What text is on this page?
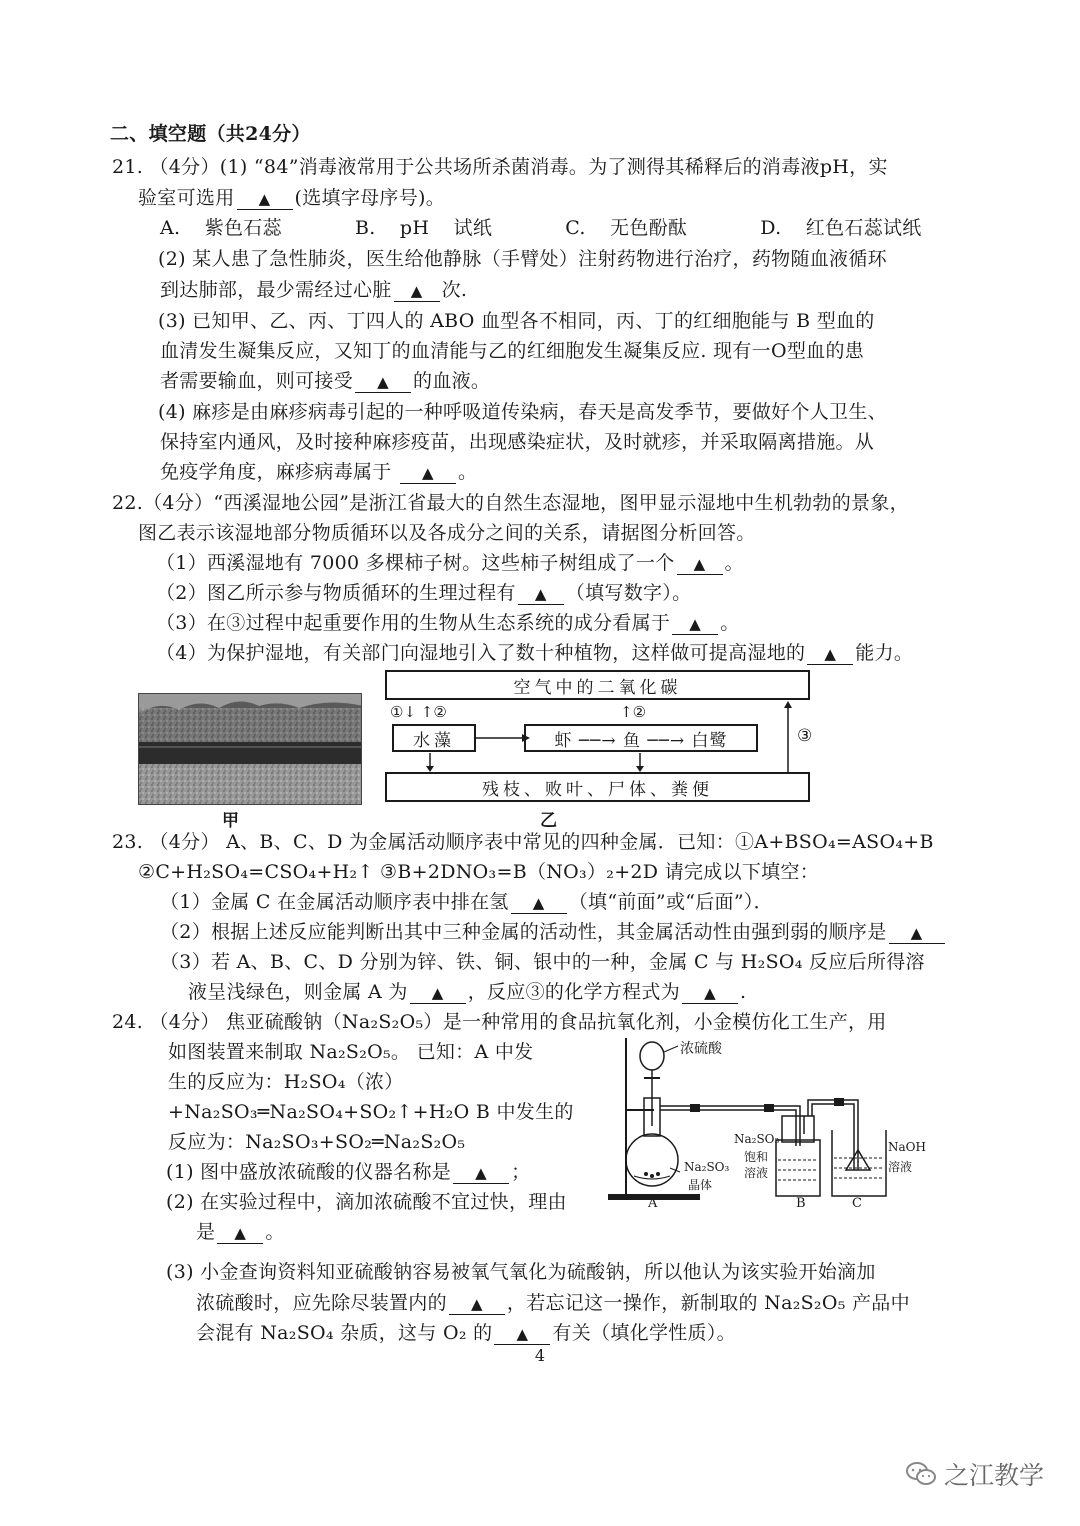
二、填空题（共24分）
21. （4分）(1) “84”消毒液常用于公共场所杀菌消毒。为了测得其稀释后的消毒液pH，实
验室可选用 ▲ (选填字母序号)。
A. 紫色石蕊	B. pH 试纸	C. 无色酚酞	D. 红色石蕊试纸
(2) 某人患了急性肺炎，医生给他静脉（手臂处）注射药物进行治疗，药物随血液循环
到达肺部，最少需经过心脏 ▲ 次.
(3) 已知甲、乙、丙、丁四人的 ABO 血型各不相同，丙、丁的红细胞能与 B 型血的
血清发生凝集反应，又知丁的血清能与乙的红细胞发生凝集反应. 现有一O型血的患
者需要输血，则可接受 ▲ 的血液。
(4) 麻疹是由麻疹病毒引起的一种呼吸道传染病，春天是高发季节，要做好个人卫生、
保持室内通风，及时接种麻疹疫苗，出现感染症状，及时就疹，并采取隔离措施。从
免疫学角度，麻疹病毒属于 ▲ 。
22.（4分）“西溪湿地公园”是浙江省最大的自然生态湿地，图甲显示湿地中生机勃勃的景象，
图乙表示该湿地部分物质循环以及各成分之间的关系，请据图分析回答。
（1）西溪湿地有 7000 多棵柿子树。这些柿子树组成了一个 ▲ 。
（2）图乙所示参与物质循环的生理过程有 ▲ （填写数字）。
（3）在③过程中起重要作用的生物从生态系统的成分看属于 ▲ 。
（4）为保护湿地，有关部门向湿地引入了数十种植物，这样做可提高湿地的 ▲ 能力。
甲
空气中的二氧化碳
①↓ ↑②	↑②
水藻	虾 ──→ 鱼 ──→ 白鹭
残枝、败叶、尸体、粪便
③
乙
23. （4分） A、B、C、D 为金属活动顺序表中常见的四种金属．已知：①A+BSO₄=ASO₄+B
②C+H₂SO₄=CSO₄+H₂↑ ③B+2DNO₃=B（NO₃）₂+2D 请完成以下填空：
（1）金属 C 在金属活动顺序表中排在氢 ▲ （填“前面”或“后面”）．
（2）根据上述反应能判断出其中三种金属的活动性，其金属活动性由强到弱的顺序是 ▲
（3）若 A、B、C、D 分别为锌、铁、铜、银中的一种，金属 C 与 H₂SO₄ 反应后所得溶
液呈浅绿色，则金属 A 为 ▲ ，反应③的化学方程式为 ▲ .
24. （4分） 焦亚硫酸钠（Na₂S₂O₅）是一种常用的食品抗氧化剂，小金模仿化工生产，用
如图装置来制取 Na₂S₂O₅。 已知：A 中发
生的反应为：H₂SO₄（浓）
+Na₂SO₃═Na₂SO₄+SO₂↑+H₂O B 中发生的
反应为：Na₂SO₃+SO₂═Na₂S₂O₅
(1) 图中盛放浓硫酸的仪器名称是 ▲ ；
(2) 在实验过程中，滴加浓硫酸不宜过快，理由
是 ▲ 。
(3) 小金查询资料知亚硫酸钠容易被氧气氧化为硫酸钠，所以他认为该实验开始滴加
浓硫酸时，应先除尽装置内的 ▲ ，若忘记这一操作，新制取的 Na₂S₂O₅ 产品中
会混有 Na₂SO₄ 杂质，这与 O₂ 的 ▲ 有关（填化学性质）。
浓硫酸
Na₂SO₃
晶体
Na₂SO₃
饱和
溶液
NaOH
溶液
A	B	C
4
之江教学
